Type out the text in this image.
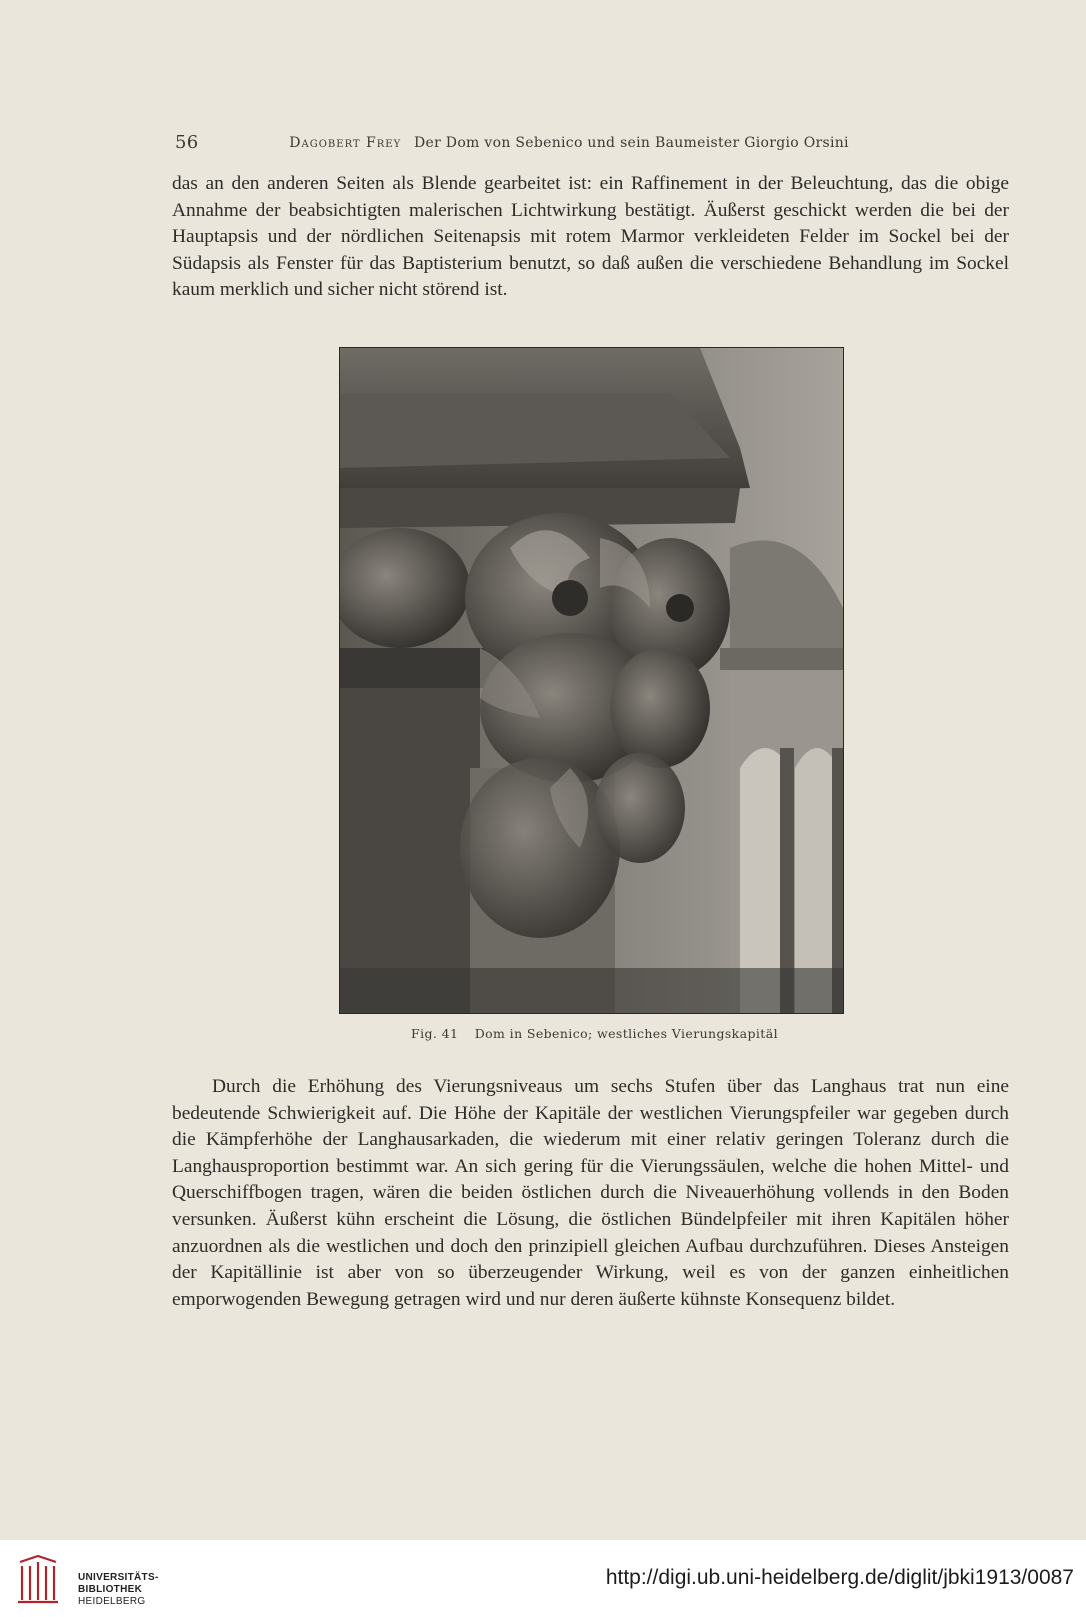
56	Dagobert Frey Der Dom von Sebenico und sein Baumeister Giorgio Orsini

das an den anderen Seiten als Blende gearbeitet ist: ein Raffinement in der Beleuchtung, das die obige Annahme der beabsichtigten malerischen Lichtwirkung bestätigt. Äußerst geschickt werden die bei der Hauptapsis und der nördlichen Seitenapsis mit rotem Marmor verkleideten Felder im Sockel bei der Südapsis als Fenster für das Baptisterium benutzt, so daß außen die verschiedene Behandlung im Sockel kaum merklich und sicher nicht störend ist.

Fig. 41 Dom in Sebenico; westliches Vierungskapitäl

Durch die Erhöhung des Vierungsniveaus um sechs Stufen über das Langhaus trat nun eine bedeutende Schwierigkeit auf. Die Höhe der Kapitäle der westlichen Vierungspfeiler war gegeben durch die Kämpferhöhe der Langhausarkaden, die wiederum mit einer relativ geringen Toleranz durch die Langhausproportion bestimmt war. An sich gering für die Vierungssäulen, welche die hohen Mittel- und Querschiffbogen tragen, wären die beiden östlichen durch die Niveauerhöhung vollends in den Boden versunken. Äußerst kühn erscheint die Lösung, die östlichen Bündelpfeiler mit ihren Kapitälen höher anzuordnen als die westlichen und doch den prinzipiell gleichen Aufbau durchzuführen. Dieses Ansteigen der Kapitällinie ist aber von so überzeugender Wirkung, weil es von der ganzen einheitlichen emporwogenden Bewegung getragen wird und nur deren äußerte kühnste Konsequenz bildet.

UNIVERSITÄTS-
BIBLIOTHEK
HEIDELBERG
http://digi.ub.uni-heidelberg.de/diglit/jbki1913/0087
